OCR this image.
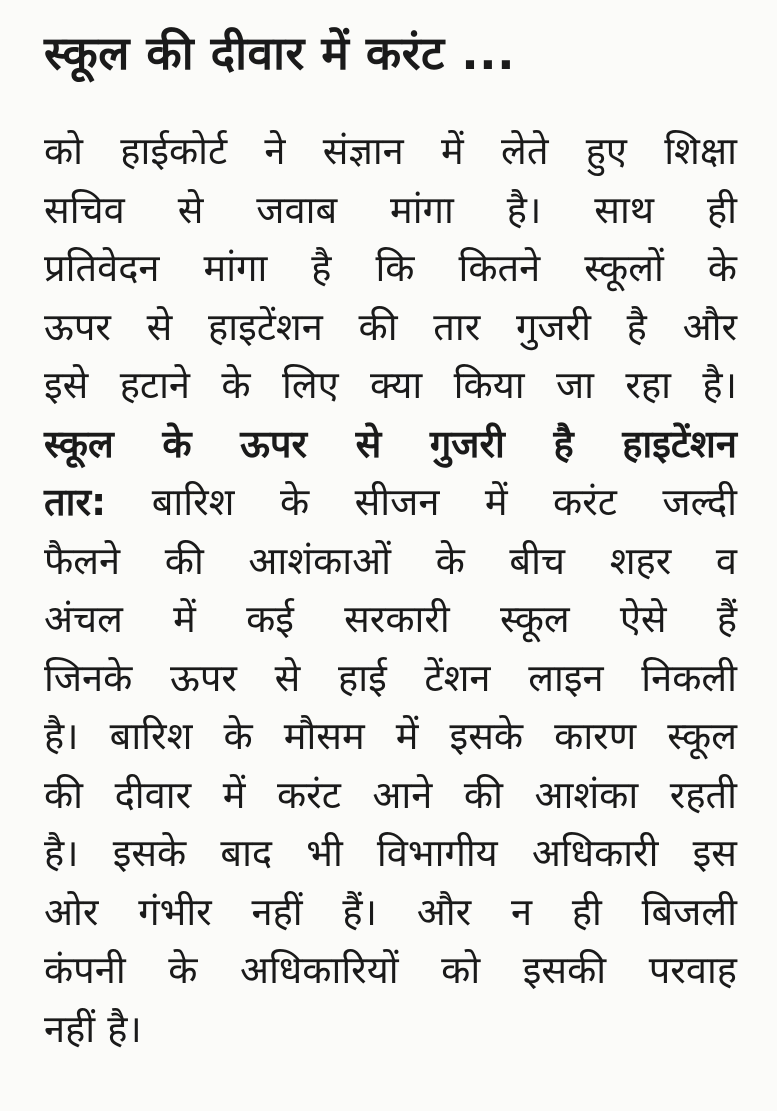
स्कूल की दीवार में करंट ...
को हाईकोर्ट ने संज्ञान में लेते हुए शिक्षा
सचिव से जवाब मांगा है। साथ ही
प्रतिवेदन मांगा है कि कितने स्कूलों के
ऊपर से हाइटेंशन की तार गुजरी है और
इसे हटाने के लिए क्या किया जा रहा है।
स्कूल के ऊपर से गुजरी है हाइटेंशन
तार: बारिश के सीजन में करंट जल्दी
फैलने की आशंकाओं के बीच शहर व
अंचल में कई सरकारी स्कूल ऐसे हैं
जिनके ऊपर से हाई टेंशन लाइन निकली
है। बारिश के मौसम में इसके कारण स्कूल
की दीवार में करंट आने की आशंका रहती
है। इसके बाद भी विभागीय अधिकारी इस
ओर गंभीर नहीं हैं। और न ही बिजली
कंपनी के अधिकारियों को इसकी परवाह
नहीं है।
